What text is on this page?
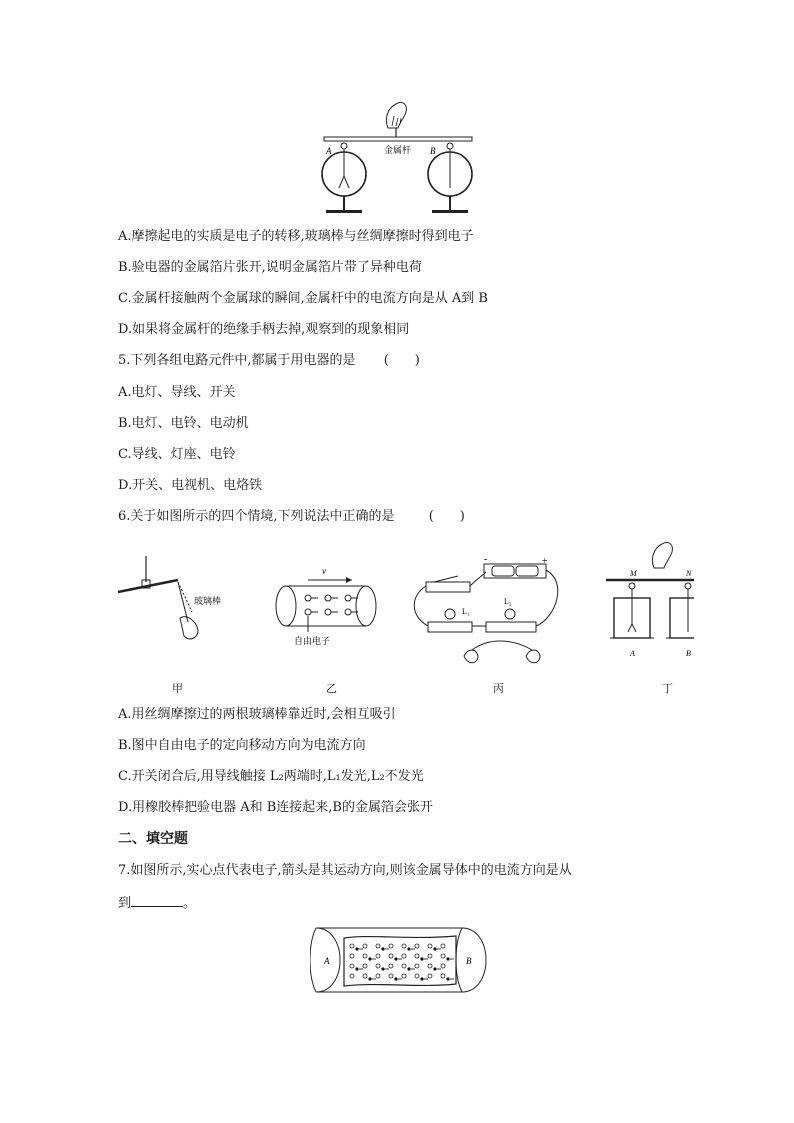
金属杆
A	B
A.摩擦起电的实质是电子的转移,玻璃棒与丝绸摩擦时得到电子
B.验电器的金属箔片张开,说明金属箔片带了异种电荷
C.金属杆接触两个金属球的瞬间,金属杆中的电流方向是从 A到 B
D.如果将金属杆的绝缘手柄去掉,观察到的现象相同
5.下列各组电路元件中,都属于用电器的是 (　　)
A.电灯、导线、开关
B.电灯、电铃、电动机
C.导线、灯座、电铃
D.开关、电视机、电烙铁
6.关于如图所示的四个情境,下列说法中正确的是	(　　)
玻璃棒
甲
v
自由电子
乙
-	+
L₁
L₂
丙
M	N
A	B
丁
A.用丝绸摩擦过的两根玻璃棒靠近时,会相互吸引
B.图中自由电子的定向移动方向为电流方向
C.开关闭合后,用导线触接 L₂两端时,L₁发光,L₂不发光
D.用橡胶棒把验电器 A和 B连接起来,B的金属箔会张开
二、填空题
7.如图所示,实心点代表电子,箭头是其运动方向,则该金属导体中的电流方向是从
到	。
A	B
